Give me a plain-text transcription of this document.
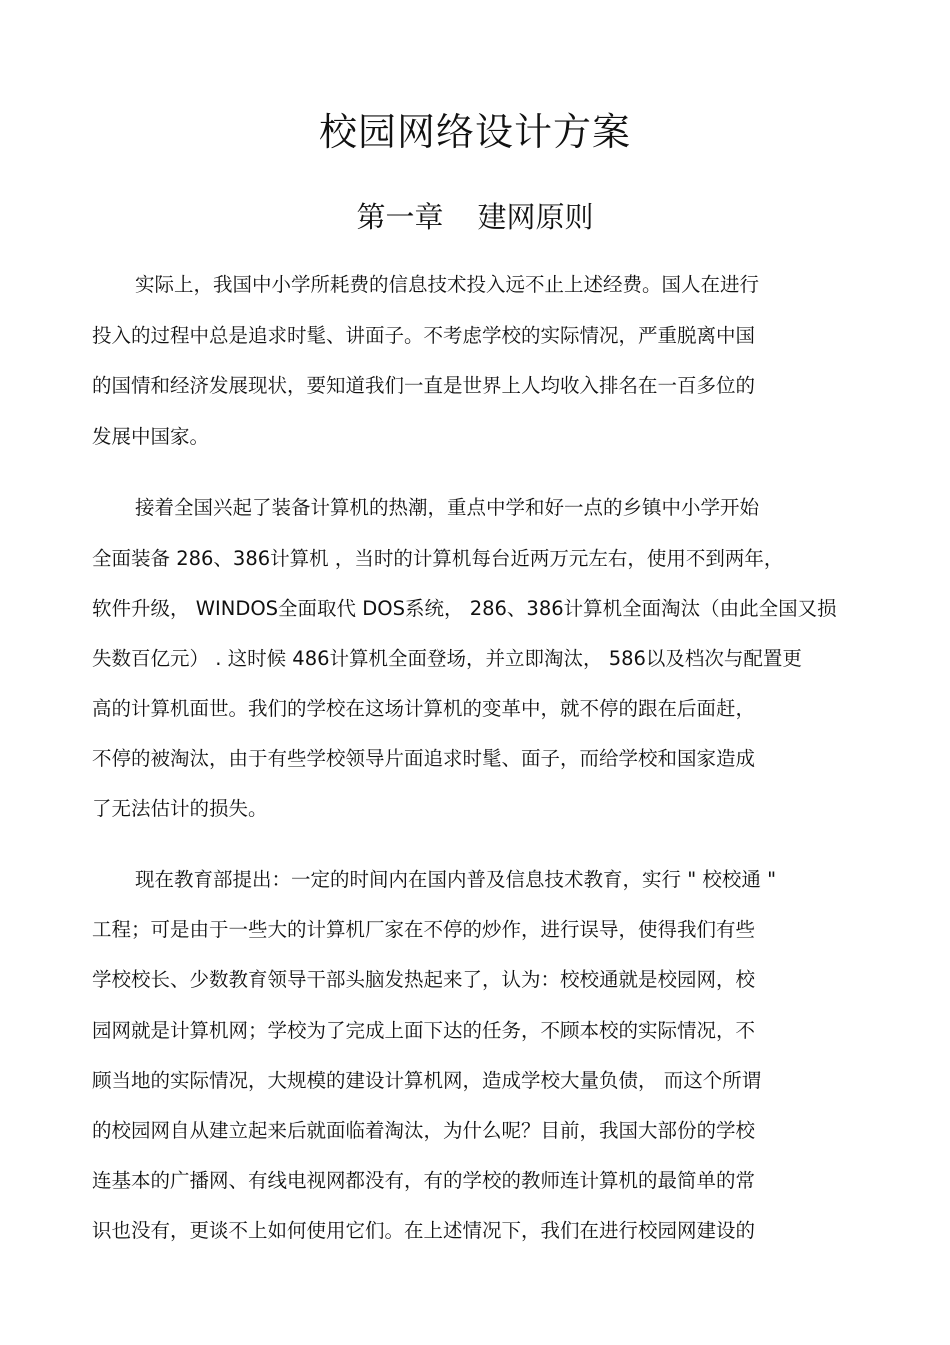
校园网络设计方案
第一章 建网原则
实际上，我国中小学所耗费的信息技术投入远不止上述经费。国人在进行
投入的过程中总是追求时髦、讲面子。不考虑学校的实际情况，严重脱离中国
的国情和经济发展现状，要知道我们一直是世界上人均收入排名在一百多位的
发展中国家。
接着全国兴起了装备计算机的热潮，重点中学和好一点的乡镇中小学开始
全面装备 286、386计算机 ，当时的计算机每台近两万元左右，使用不到两年，
软件升级， WINDOS全面取代 DOS系统， 286、386计算机全面淘汰（由此全国又损
失数百亿元） . 这时候 486计算机全面登场，并立即淘汰， 586以及档次与配置更
高的计算机面世。我们的学校在这场计算机的变革中，就不停的跟在后面赶，
不停的被淘汰，由于有些学校领导片面追求时髦、面子，而给学校和国家造成
了无法估计的损失。
现在教育部提出：一定的时间内在国内普及信息技术教育，实行 " 校校通 "
工程；可是由于一些大的计算机厂家在不停的炒作，进行误导，使得我们有些
学校校长、少数教育领导干部头脑发热起来了，认为：校校通就是校园网，校
园网就是计算机网；学校为了完成上面下达的任务，不顾本校的实际情况，不
顾当地的实际情况，大规模的建设计算机网，造成学校大量负债， 而这个所谓
的校园网自从建立起来后就面临着淘汰，为什么呢？目前，我国大部份的学校
连基本的广播网、有线电视网都没有，有的学校的教师连计算机的最简单的常
识也没有，更谈不上如何使用它们。在上述情况下，我们在进行校园网建设的
